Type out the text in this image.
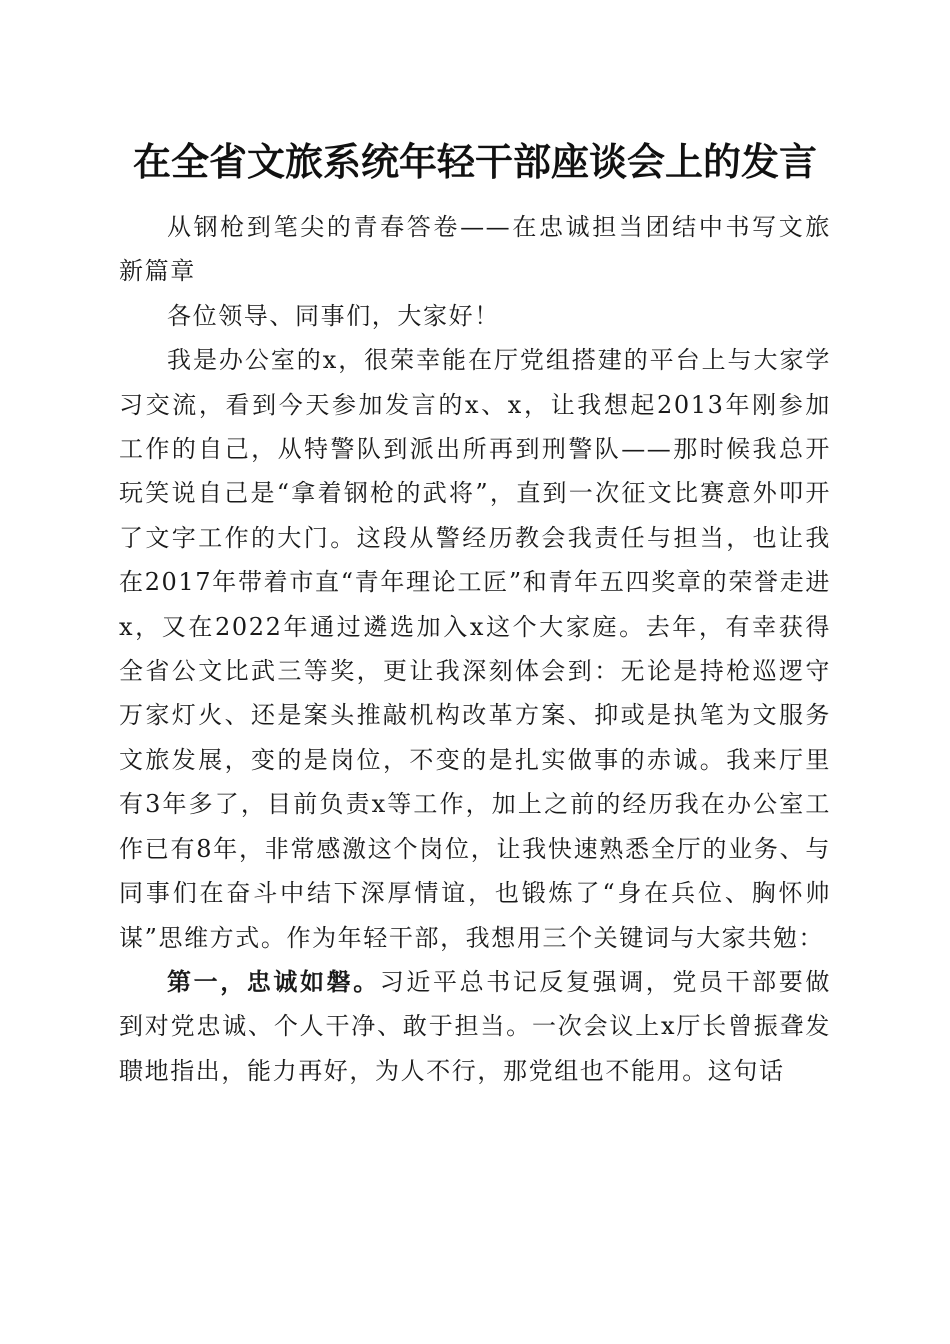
在全省文旅系统年轻干部座谈会上的发言

从钢枪到笔尖的青春答卷——在忠诚担当团结中书写文旅新篇章

各位领导、同事们，大家好！

我是办公室的x，很荣幸能在厅党组搭建的平台上与大家学习交流，看到今天参加发言的x、x，让我想起2013年刚参加工作的自己，从特警队到派出所再到刑警队——那时候我总开玩笑说自己是“拿着钢枪的武将”，直到一次征文比赛意外叩开了文字工作的大门。这段从警经历教会我责任与担当，也让我在2017年带着市直“青年理论工匠”和青年五四奖章的荣誉走进x，又在2022年通过遴选加入x这个大家庭。去年，有幸获得全省公文比武三等奖，更让我深刻体会到：无论是持枪巡逻守万家灯火、还是案头推敲机构改革方案、抑或是执笔为文服务文旅发展，变的是岗位，不变的是扎实做事的赤诚。我来厅里有3年多了，目前负责x等工作，加上之前的经历我在办公室工作已有8年，非常感激这个岗位，让我快速熟悉全厅的业务、与同事们在奋斗中结下深厚情谊，也锻炼了“身在兵位、胸怀帅谋”思维方式。作为年轻干部，我想用三个关键词与大家共勉：

第一，忠诚如磐。习近平总书记反复强调，党员干部要做到对党忠诚、个人干净、敢于担当。一次会议上x厅长曾振聋发聩地指出，能力再好，为人不行，那党组也不能用。这句话
